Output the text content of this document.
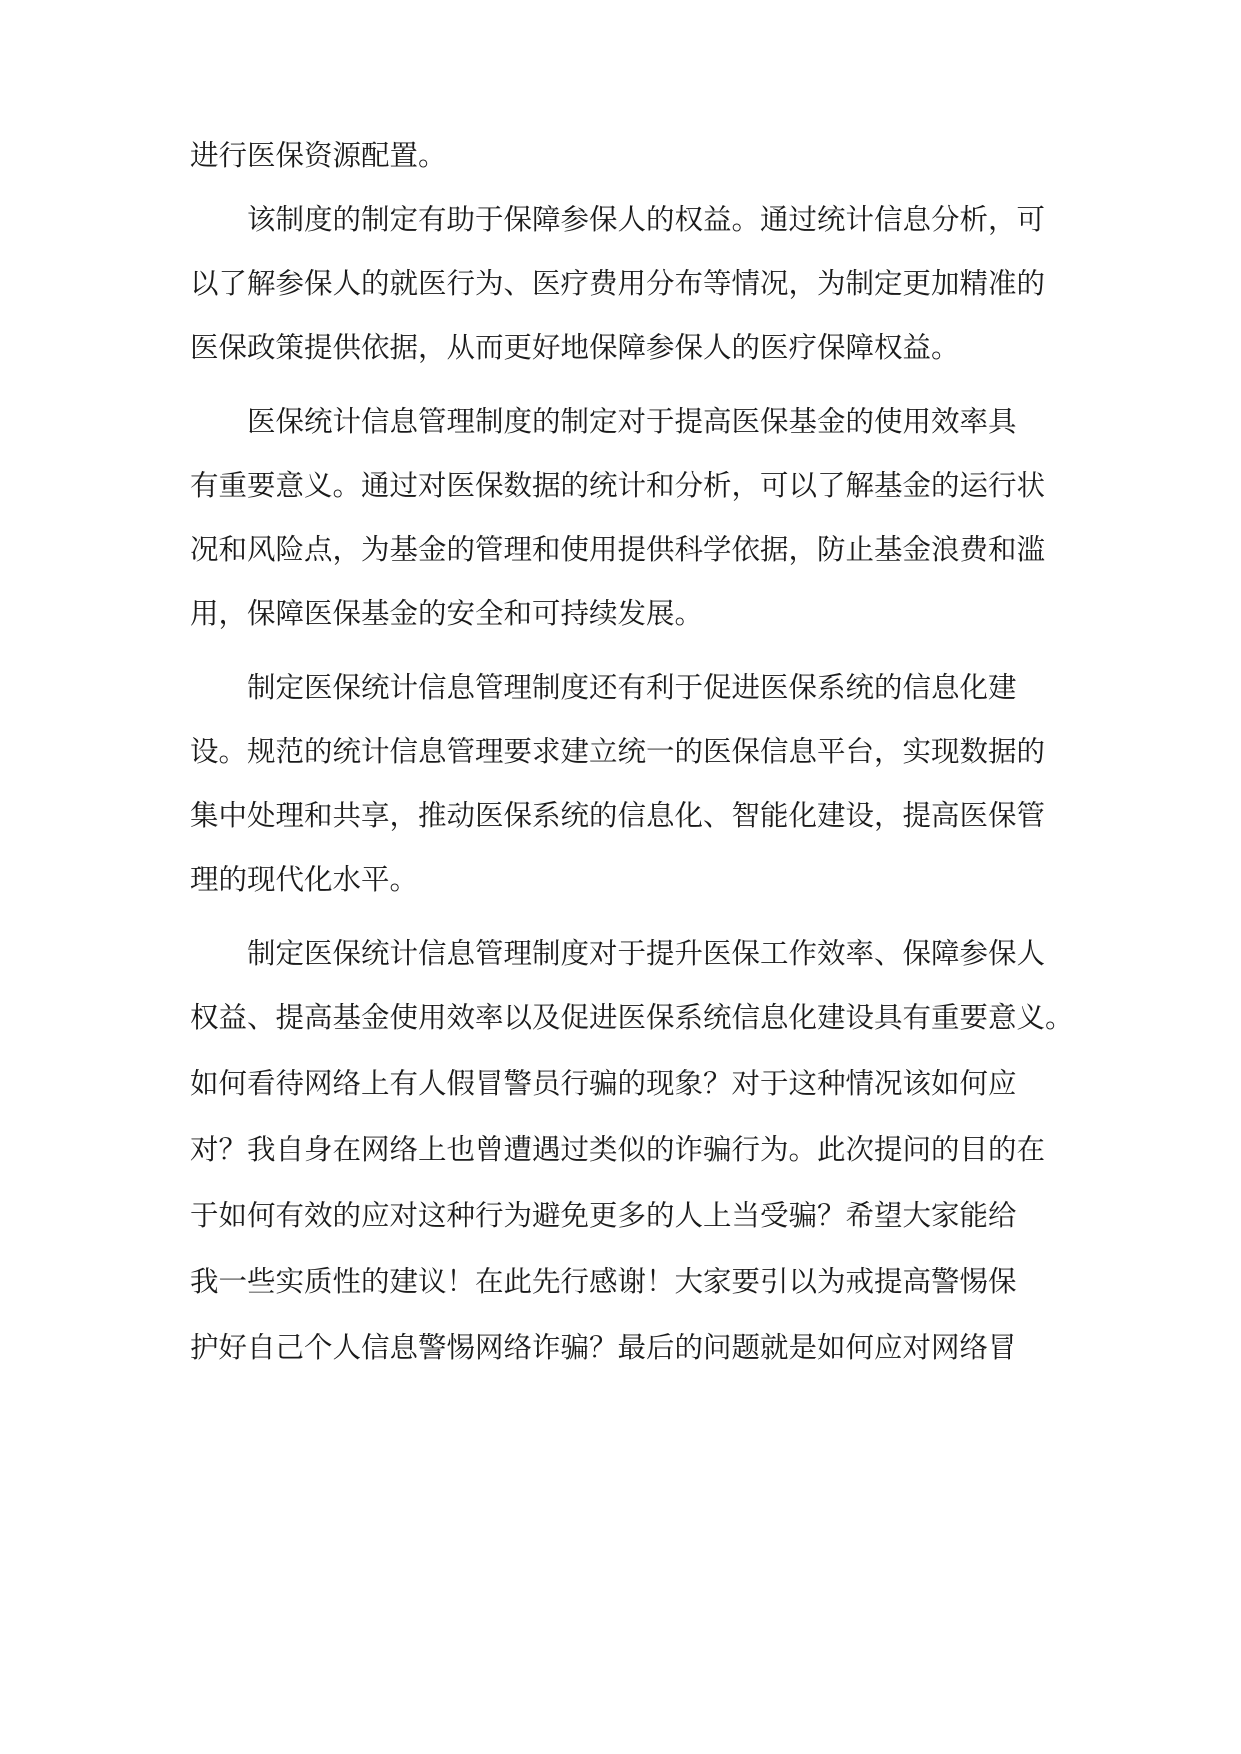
进行医保资源配置。
该制度的制定有助于保障参保人的权益。通过统计信息分析，可
以了解参保人的就医行为、医疗费用分布等情况，为制定更加精准的
医保政策提供依据，从而更好地保障参保人的医疗保障权益。
医保统计信息管理制度的制定对于提高医保基金的使用效率具
有重要意义。通过对医保数据的统计和分析，可以了解基金的运行状
况和风险点，为基金的管理和使用提供科学依据，防止基金浪费和滥
用，保障医保基金的安全和可持续发展。
制定医保统计信息管理制度还有利于促进医保系统的信息化建
设。规范的统计信息管理要求建立统一的医保信息平台，实现数据的
集中处理和共享，推动医保系统的信息化、智能化建设，提高医保管
理的现代化水平。
制定医保统计信息管理制度对于提升医保工作效率、保障参保人
权益、提高基金使用效率以及促进医保系统信息化建设具有重要意义。
如何看待网络上有人假冒警员行骗的现象？对于这种情况该如何应
对？我自身在网络上也曾遭遇过类似的诈骗行为。此次提问的目的在
于如何有效的应对这种行为避免更多的人上当受骗？希望大家能给
我一些实质性的建议！在此先行感谢！大家要引以为戒提高警惕保
护好自己个人信息警惕网络诈骗？最后的问题就是如何应对网络冒
